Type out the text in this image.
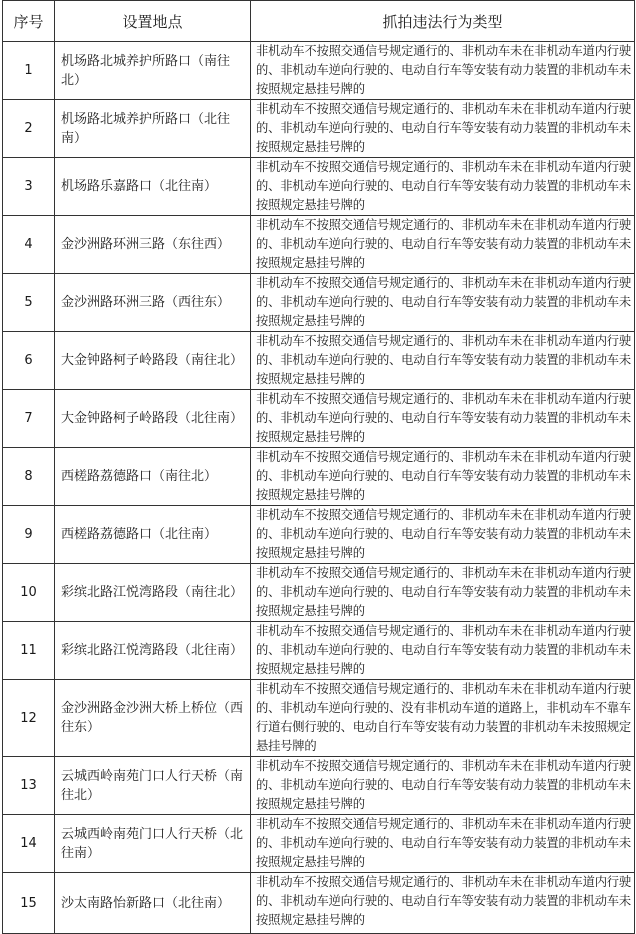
序号	设置地点	抓拍违法行为类型
1	机场路北城养护所路口（南往北）	非机动车不按照交通信号规定通行的、非机动车未在非机动车道内行驶的、非机动车逆向行驶的、电动自行车等安装有动力装置的非机动车未按照规定悬挂号牌的
2	机场路北城养护所路口（北往南）	非机动车不按照交通信号规定通行的、非机动车未在非机动车道内行驶的、非机动车逆向行驶的、电动自行车等安装有动力装置的非机动车未按照规定悬挂号牌的
3	机场路乐嘉路口（北往南）	非机动车不按照交通信号规定通行的、非机动车未在非机动车道内行驶的、非机动车逆向行驶的、电动自行车等安装有动力装置的非机动车未按照规定悬挂号牌的
4	金沙洲路环洲三路（东往西）	非机动车不按照交通信号规定通行的、非机动车未在非机动车道内行驶的、非机动车逆向行驶的、电动自行车等安装有动力装置的非机动车未按照规定悬挂号牌的
5	金沙洲路环洲三路（西往东）	非机动车不按照交通信号规定通行的、非机动车未在非机动车道内行驶的、非机动车逆向行驶的、电动自行车等安装有动力装置的非机动车未按照规定悬挂号牌的
6	大金钟路柯子岭路段（南往北）	非机动车不按照交通信号规定通行的、非机动车未在非机动车道内行驶的、非机动车逆向行驶的、电动自行车等安装有动力装置的非机动车未按照规定悬挂号牌的
7	大金钟路柯子岭路段（北往南）	非机动车不按照交通信号规定通行的、非机动车未在非机动车道内行驶的、非机动车逆向行驶的、电动自行车等安装有动力装置的非机动车未按照规定悬挂号牌的
8	西槎路荔德路口（南往北）	非机动车不按照交通信号规定通行的、非机动车未在非机动车道内行驶的、非机动车逆向行驶的、电动自行车等安装有动力装置的非机动车未按照规定悬挂号牌的
9	西槎路荔德路口（北往南）	非机动车不按照交通信号规定通行的、非机动车未在非机动车道内行驶的、非机动车逆向行驶的、电动自行车等安装有动力装置的非机动车未按照规定悬挂号牌的
10	彩缤北路江悦湾路段（南往北）	非机动车不按照交通信号规定通行的、非机动车未在非机动车道内行驶的、非机动车逆向行驶的、电动自行车等安装有动力装置的非机动车未按照规定悬挂号牌的
11	彩缤北路江悦湾路段（北往南）	非机动车不按照交通信号规定通行的、非机动车未在非机动车道内行驶的、非机动车逆向行驶的、电动自行车等安装有动力装置的非机动车未按照规定悬挂号牌的
12	金沙洲路金沙洲大桥上桥位（西往东）	非机动车不按照交通信号规定通行的、非机动车未在非机动车道内行驶的、非机动车逆向行驶的、没有非机动车道的道路上，非机动车不靠车行道右侧行驶的、电动自行车等安装有动力装置的非机动车未按照规定悬挂号牌的
13	云城西岭南苑门口人行天桥（南往北）	非机动车不按照交通信号规定通行的、非机动车未在非机动车道内行驶的、非机动车逆向行驶的、电动自行车等安装有动力装置的非机动车未按照规定悬挂号牌的
14	云城西岭南苑门口人行天桥（北往南）	非机动车不按照交通信号规定通行的、非机动车未在非机动车道内行驶的、非机动车逆向行驶的、电动自行车等安装有动力装置的非机动车未按照规定悬挂号牌的
15	沙太南路怡新路口（北往南）	非机动车不按照交通信号规定通行的、非机动车未在非机动车道内行驶的、非机动车逆向行驶的、电动自行车等安装有动力装置的非机动车未按照规定悬挂号牌的
